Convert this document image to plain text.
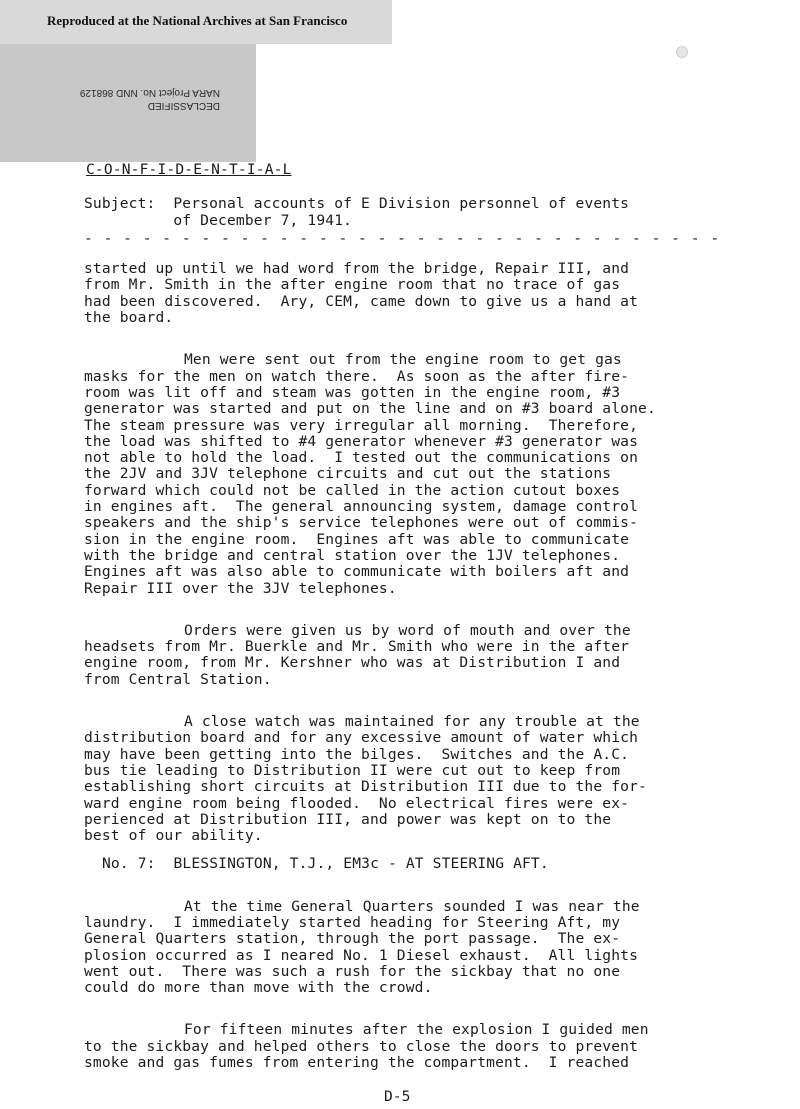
Reproduced at the National Archives at San Francisco
DECLASSIFIED
NARA Project No. NND 868129
C-O-N-F-I-D-E-N-T-I-A-L
Subject: Personal accounts of E Division personnel of events
of December 7, 1941.
- - - - - - - - - - - - - - - - - - - - - - - - - - - - - - - - -
started up until we had word from the bridge, Repair III, and
from Mr. Smith in the after engine room that no trace of gas
had been discovered.  Ary, CEM, came down to give us a hand at
the board.
Men were sent out from the engine room to get gas
masks for the men on watch there.  As soon as the after fire-
room was lit off and steam was gotten in the engine room, #3
generator was started and put on the line and on #3 board alone.
The steam pressure was very irregular all morning.  Therefore,
the load was shifted to #4 generator whenever #3 generator was
not able to hold the load.  I tested out the communications on
the 2JV and 3JV telephone circuits and cut out the stations
forward which could not be called in the action cutout boxes
in engines aft.  The general announcing system, damage control
speakers and the ship's service telephones were out of commis-
sion in the engine room.  Engines aft was able to communicate
with the bridge and central station over the 1JV telephones.
Engines aft was also able to communicate with boilers aft and
Repair III over the 3JV telephones.
Orders were given us by word of mouth and over the
headsets from Mr. Buerkle and Mr. Smith who were in the after
engine room, from Mr. Kershner who was at Distribution I and
from Central Station.
A close watch was maintained for any trouble at the
distribution board and for any excessive amount of water which
may have been getting into the bilges.  Switches and the A.C.
bus tie leading to Distribution II were cut out to keep from
establishing short circuits at Distribution III due to the for-
ward engine room being flooded.  No electrical fires were ex-
perienced at Distribution III, and power was kept on to the
best of our ability.
No. 7:  BLESSINGTON, T.J., EM3c - AT STEERING AFT.
At the time General Quarters sounded I was near the
laundry.  I immediately started heading for Steering Aft, my
General Quarters station, through the port passage.  The ex-
plosion occurred as I neared No. 1 Diesel exhaust.  All lights
went out.  There was such a rush for the sickbay that no one
could do more than move with the crowd.
For fifteen minutes after the explosion I guided men
to the sickbay and helped others to close the doors to prevent
smoke and gas fumes from entering the compartment.  I reached
D-5
